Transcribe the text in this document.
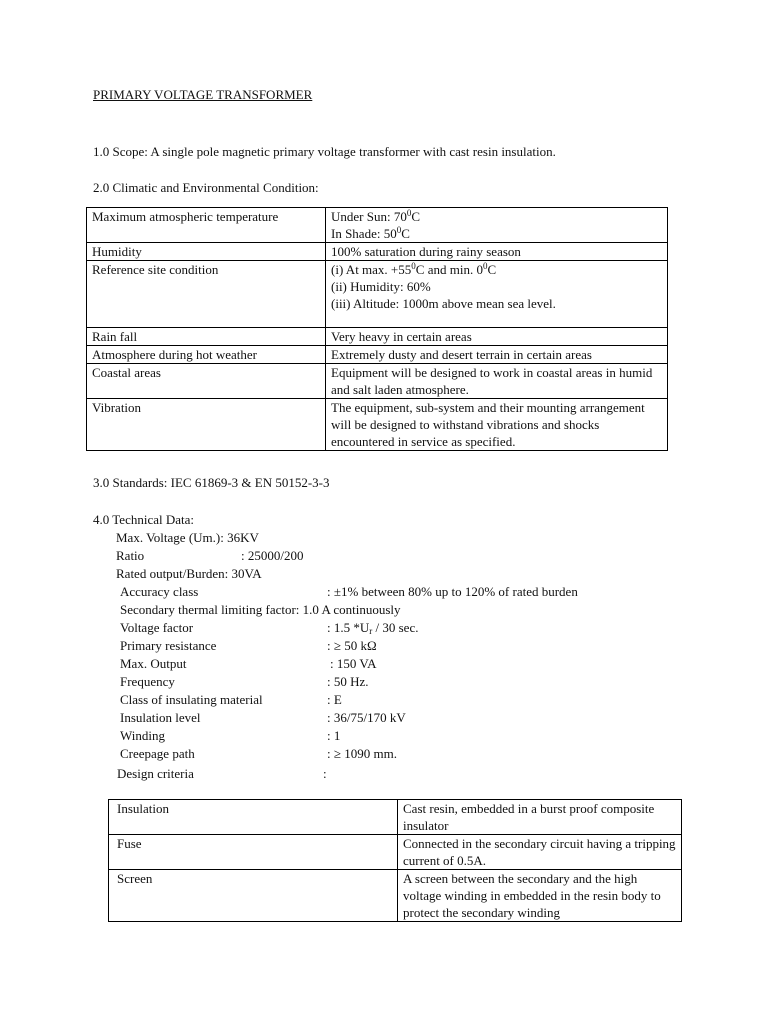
PRIMARY VOLTAGE TRANSFORMER
1.0 Scope: A single pole magnetic primary voltage transformer with cast resin insulation.
2.0 Climatic and Environmental Condition:
Maximum atmospheric temperature	Under Sun: $70^0C$
In Shade: $50^0C$
Humidity	100% saturation during rainy season
Reference site condition	(i) At max. $+55^0C$ and min. $0^0C$
(ii) Humidity: 60%
(iii) Altitude: 1000m above mean sea level.
Rain fall	Very heavy in certain areas
Atmosphere during hot weather	Extremely dusty and desert terrain in certain areas
Coastal areas	Equipment will be designed to work in coastal areas in humid and salt laden atmosphere.
Vibration	The equipment, sub-system and their mounting arrangement will be designed to withstand vibrations and shocks encountered in service as specified.
3.0 Standards: IEC 61869-3 & EN 50152-3-3
4.0 Technical Data:
Max. Voltage (Um.): 36KV
Ratio	: 25000/200
Rated output/Burden: 30VA
Accuracy class	: ±1% between 80% up to 120% of rated burden
Secondary thermal limiting factor: 1.0 A continuously
Voltage factor	: 1.5 $*U_r / 30$ sec.
Primary resistance	: ≥ 50 kΩ
Max. Output	: 150 VA
Frequency	: 50 Hz.
Class of insulating material	: E
Insulation level	: 36/75/170 kV
Winding	: 1
Creepage path	: ≥ 1090 mm.
Design criteria	:
Insulation	Cast resin, embedded in a burst proof composite insulator
Fuse	Connected in the secondary circuit having a tripping current of 0.5A.
Screen	A screen between the secondary and the high voltage winding in embedded in the resin body to protect the secondary winding
